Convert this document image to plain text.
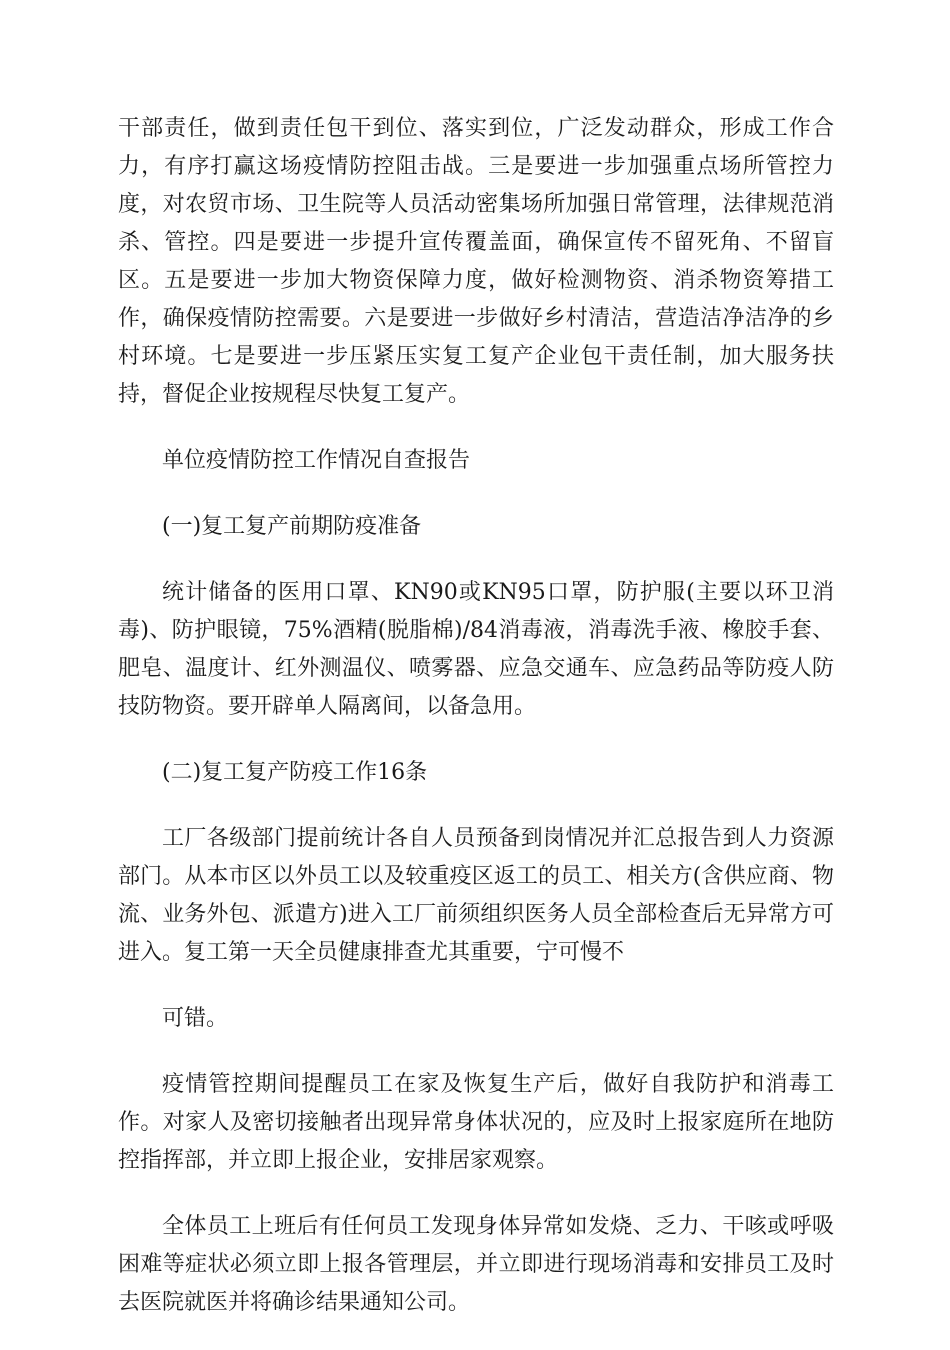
干部责任，做到责任包干到位、落实到位，广泛发动群众，形成工作合力，有序打赢这场疫情防控阻击战。三是要进一步加强重点场所管控力度，对农贸市场、卫生院等人员活动密集场所加强日常管理，法律规范消杀、管控。四是要进一步提升宣传覆盖面，确保宣传不留死角、不留盲区。五是要进一步加大物资保障力度，做好检测物资、消杀物资筹措工作，确保疫情防控需要。六是要进一步做好乡村清洁，营造洁净洁净的乡村环境。七是要进一步压紧压实复工复产企业包干责任制，加大服务扶持，督促企业按规程尽快复工复产。

单位疫情防控工作情况自查报告

(一)复工复产前期防疫准备

统计储备的医用口罩、KN90或KN95口罩，防护服(主要以环卫消毒)、防护眼镜，75%酒精(脱脂棉)/84消毒液，消毒洗手液、橡胶手套、肥皂、温度计、红外测温仪、喷雾器、应急交通车、应急药品等防疫人防技防物资。要开辟单人隔离间，以备急用。

(二)复工复产防疫工作16条

工厂各级部门提前统计各自人员预备到岗情况并汇总报告到人力资源部门。从本市区以外员工以及较重疫区返工的员工、相关方(含供应商、物流、业务外包、派遣方)进入工厂前须组织医务人员全部检查后无异常方可进入。复工第一天全员健康排查尤其重要，宁可慢不

可错。

疫情管控期间提醒员工在家及恢复生产后，做好自我防护和消毒工作。对家人及密切接触者出现异常身体状况的，应及时上报家庭所在地防控指挥部，并立即上报企业，安排居家观察。

全体员工上班后有任何员工发现身体异常如发烧、乏力、干咳或呼吸困难等症状必须立即上报各管理层，并立即进行现场消毒和安排员工及时去医院就医并将确诊结果通知公司。
